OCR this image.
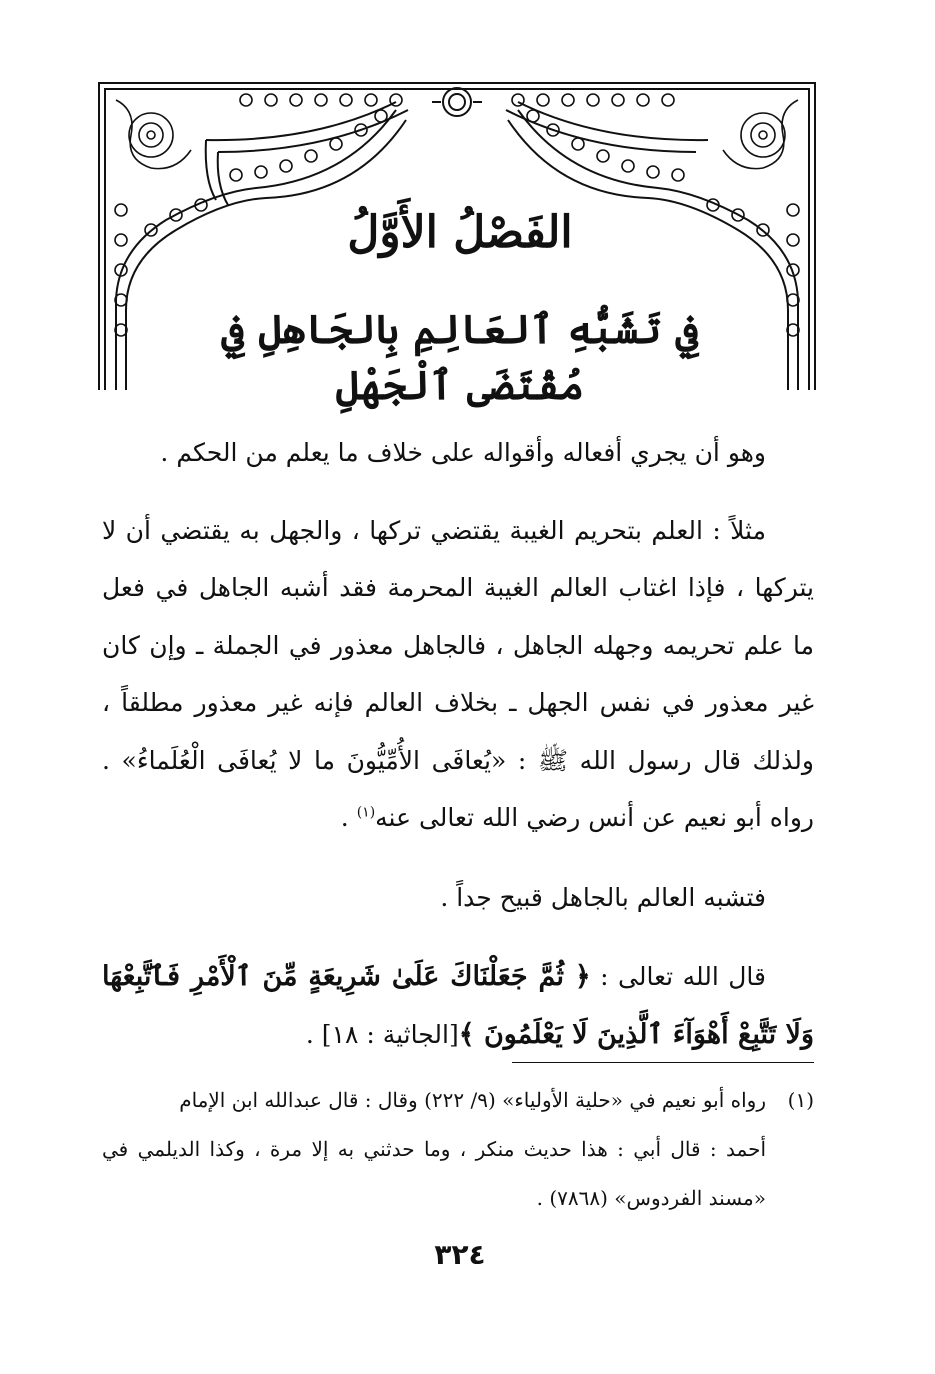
الفَصْلُ الأَوَّلُ
فِي تَشَبُّهِ ٱلعَالِمِ بِالجَاهِلِ فِي مُقْتَضَى ٱلْجَهْلِ

وهو أن يجري أفعاله وأقواله على خلاف ما يعلم من الحكم .

مثلاً : العلم بتحريم الغيبة يقتضي تركها ، والجهل به يقتضي أن لا يتركها ، فإذا اغتاب العالم الغيبة المحرمة فقد أشبه الجاهل في فعل ما علم تحريمه وجهله الجاهل ، فالجاهل معذور في الجملة ـ وإن كان غير معذور في نفس الجهل ـ بخلاف العالم فإنه غير معذور مطلقاً ، ولذلك قال رسول الله ﷺ : «يُعافَى الأُمِّيُّونَ ما لا يُعافَى الْعُلَماءُ» . رواه أبو نعيم عن أنس رضي الله تعالى عنه$^{(١)}$ .

فتشبه العالم بالجاهل قبيح جداً .

قال الله تعالى : ﴿ ثُمَّ جَعَلْنَاكَ عَلَىٰ شَرِيعَةٍ مِّنَ ٱلْأَمْرِ فَٱتَّبِعْهَا وَلَا تَتَّبِعْ أَهْوَآءَ ٱلَّذِينَ لَا يَعْلَمُونَ ﴾[الجاثية : ١٨] .

(١)
رواه أبو نعيم في «حلية الأولياء» (٩/ ٢٢٢) وقال : قال عبدالله ابن الإمام
أحمد : قال أبي : هذا حديث منكر ، وما حدثني به إلا مرة ، وكذا الديلمي في «مسند الفردوس» (٧٨٦٨) .
٣٢٤
